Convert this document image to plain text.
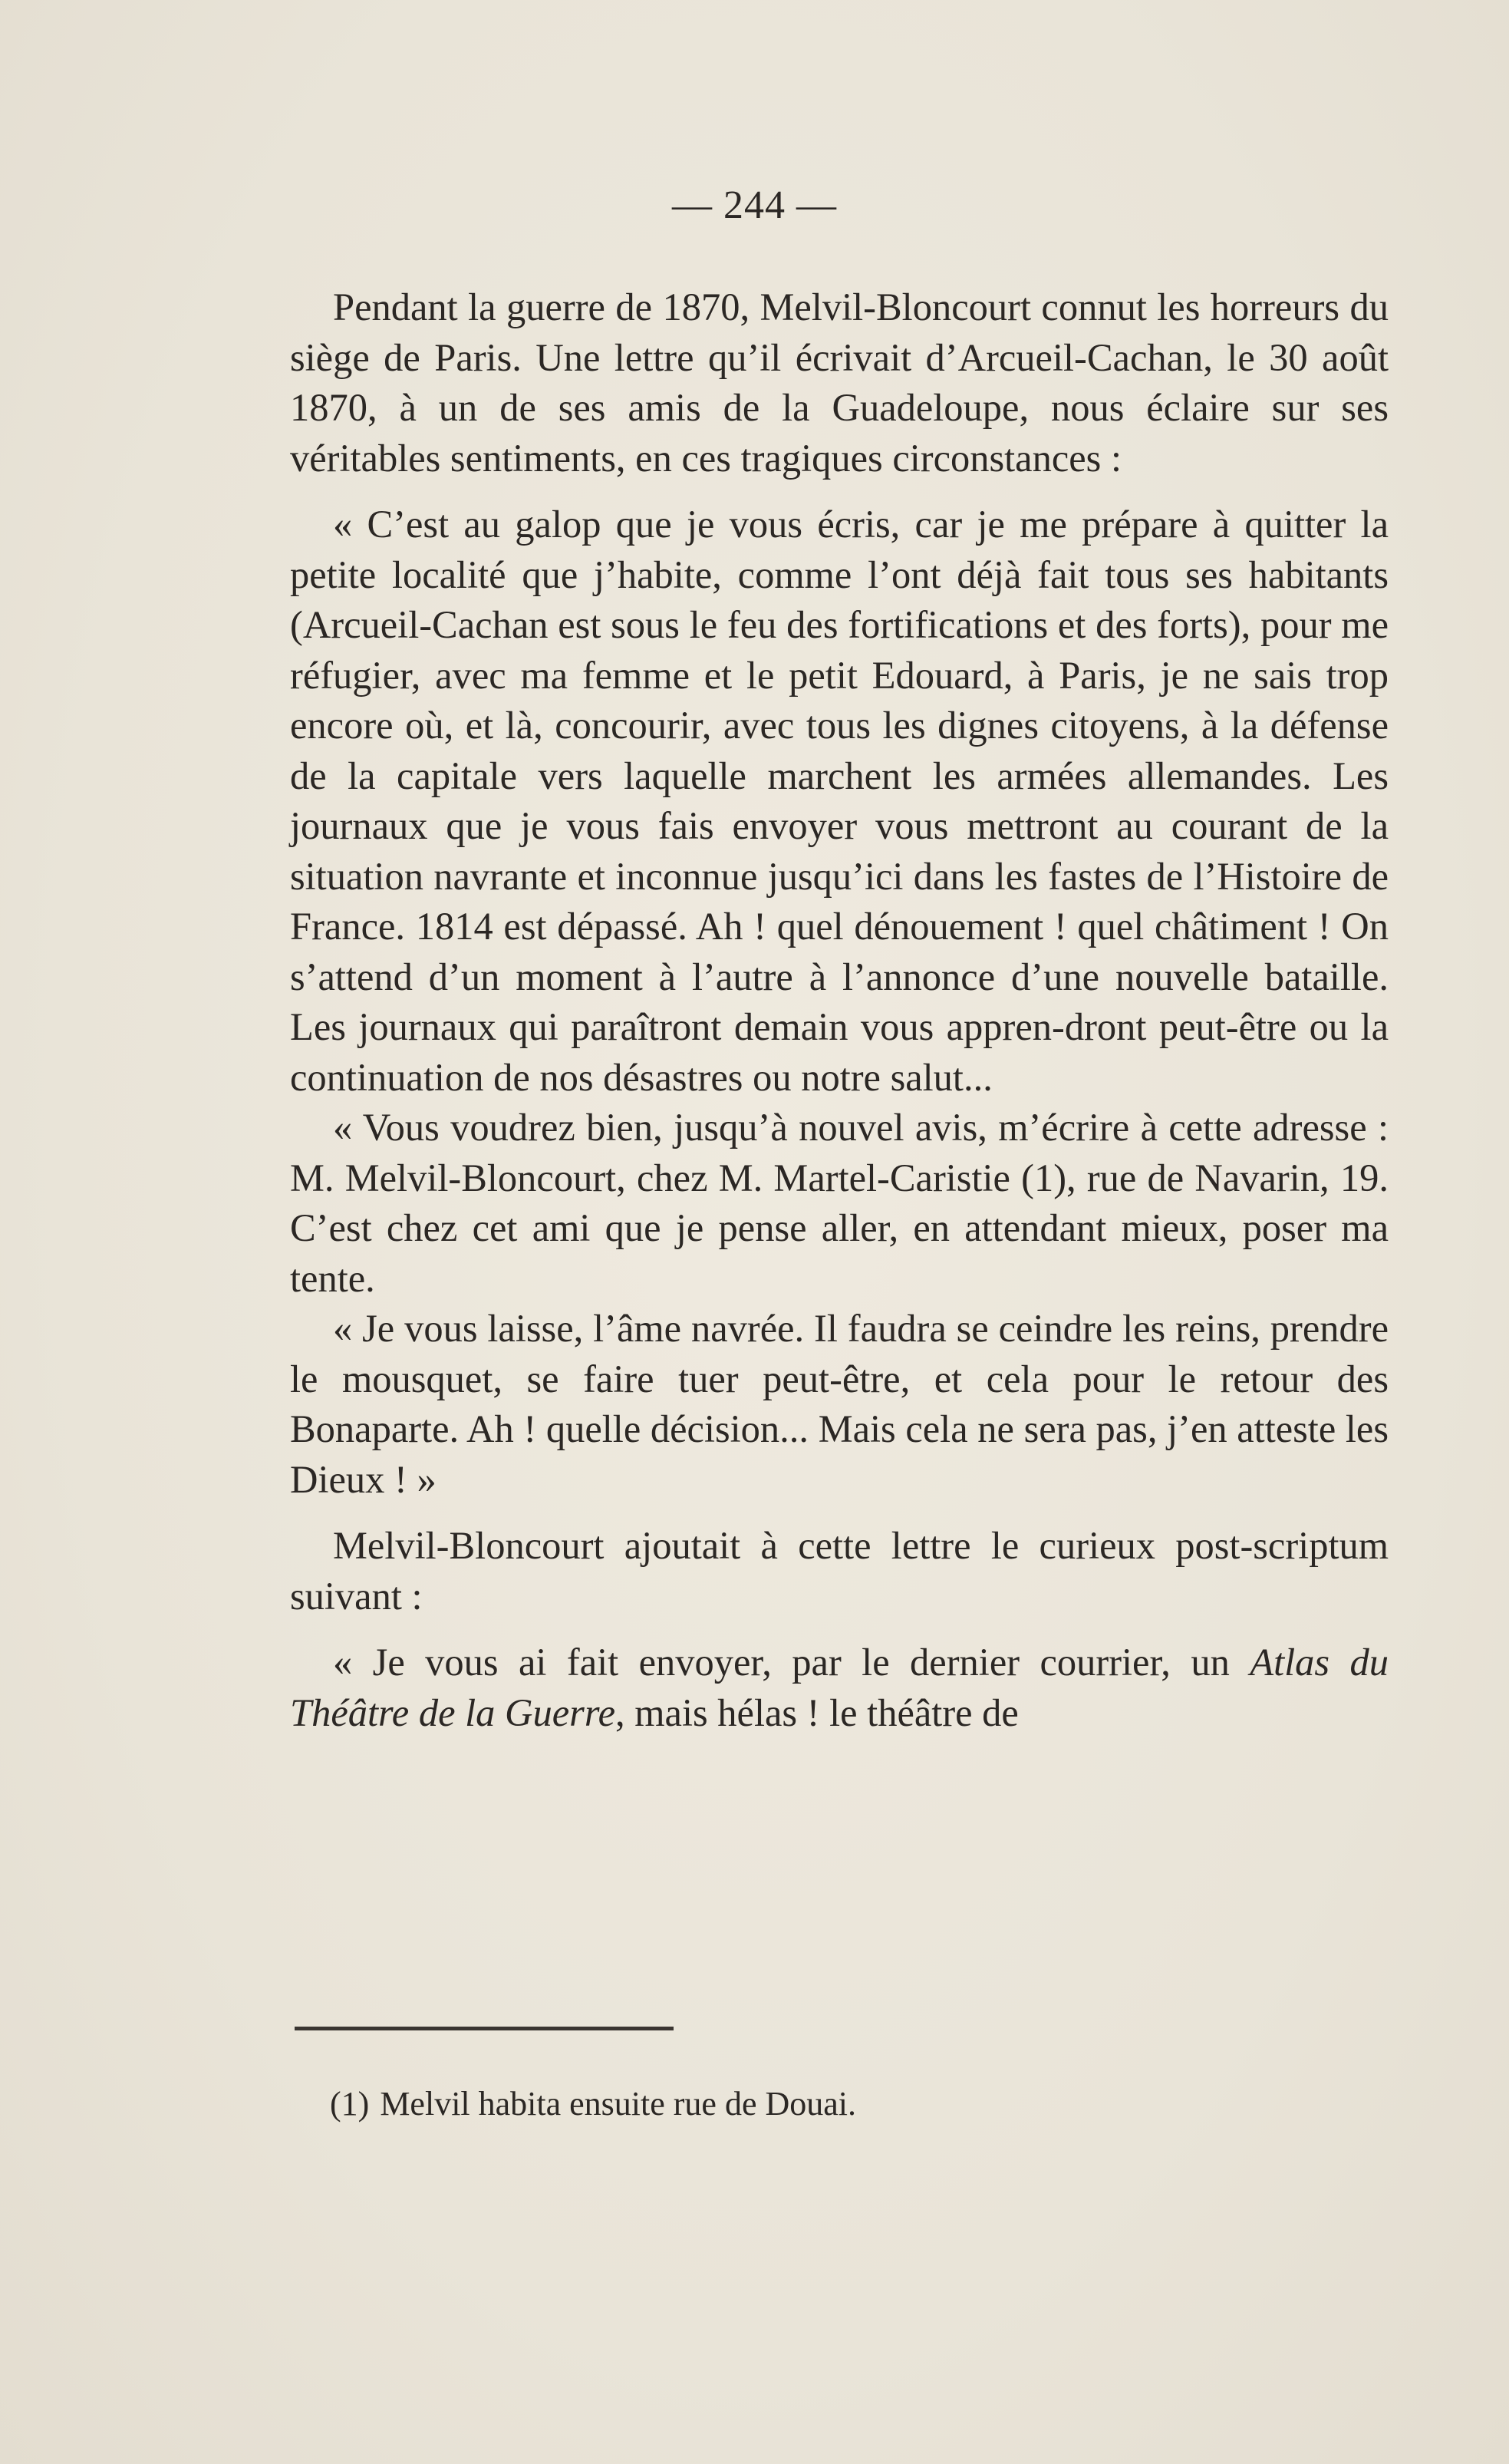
— 244 —

Pendant la guerre de 1870, Melvil-Bloncourt connut les horreurs du siège de Paris. Une lettre qu’il écrivait d’Arcueil-Cachan, le 30 août 1870, à un de ses amis de la Guadeloupe, nous éclaire sur ses véritables sentiments, en ces tragiques circonstances :

« C’est au galop que je vous écris, car je me prépare à quitter la petite localité que j’habite, comme l’ont déjà fait tous ses habitants (Arcueil-Cachan est sous le feu des fortifications et des forts), pour me réfugier, avec ma femme et le petit Edouard, à Paris, je ne sais trop encore où, et là, concourir, avec tous les dignes citoyens, à la défense de la capitale vers laquelle marchent les armées allemandes. Les journaux que je vous fais envoyer vous mettront au courant de la situation navrante et inconnue jusqu’ici dans les fastes de l’Histoire de France. 1814 est dépassé. Ah ! quel dénouement ! quel châtiment ! On s’attend d’un moment à l’autre à l’annonce d’une nouvelle bataille. Les journaux qui paraîtront demain vous appren-dront peut-être ou la continuation de nos désastres ou notre salut...

« Vous voudrez bien, jusqu’à nouvel avis, m’écrire à cette adresse : M. Melvil-Bloncourt, chez M. Martel-Caristie (1), rue de Navarin, 19. C’est chez cet ami que je pense aller, en attendant mieux, poser ma tente.

« Je vous laisse, l’âme navrée. Il faudra se ceindre les reins, prendre le mousquet, se faire tuer peut-être, et cela pour le retour des Bonaparte. Ah ! quelle décision... Mais cela ne sera pas, j’en atteste les Dieux ! »

Melvil-Bloncourt ajoutait à cette lettre le curieux post-scriptum suivant :

« Je vous ai fait envoyer, par le dernier courrier, un Atlas du Théâtre de la Guerre, mais hélas ! le théâtre de

(1) Melvil habita ensuite rue de Douai.
